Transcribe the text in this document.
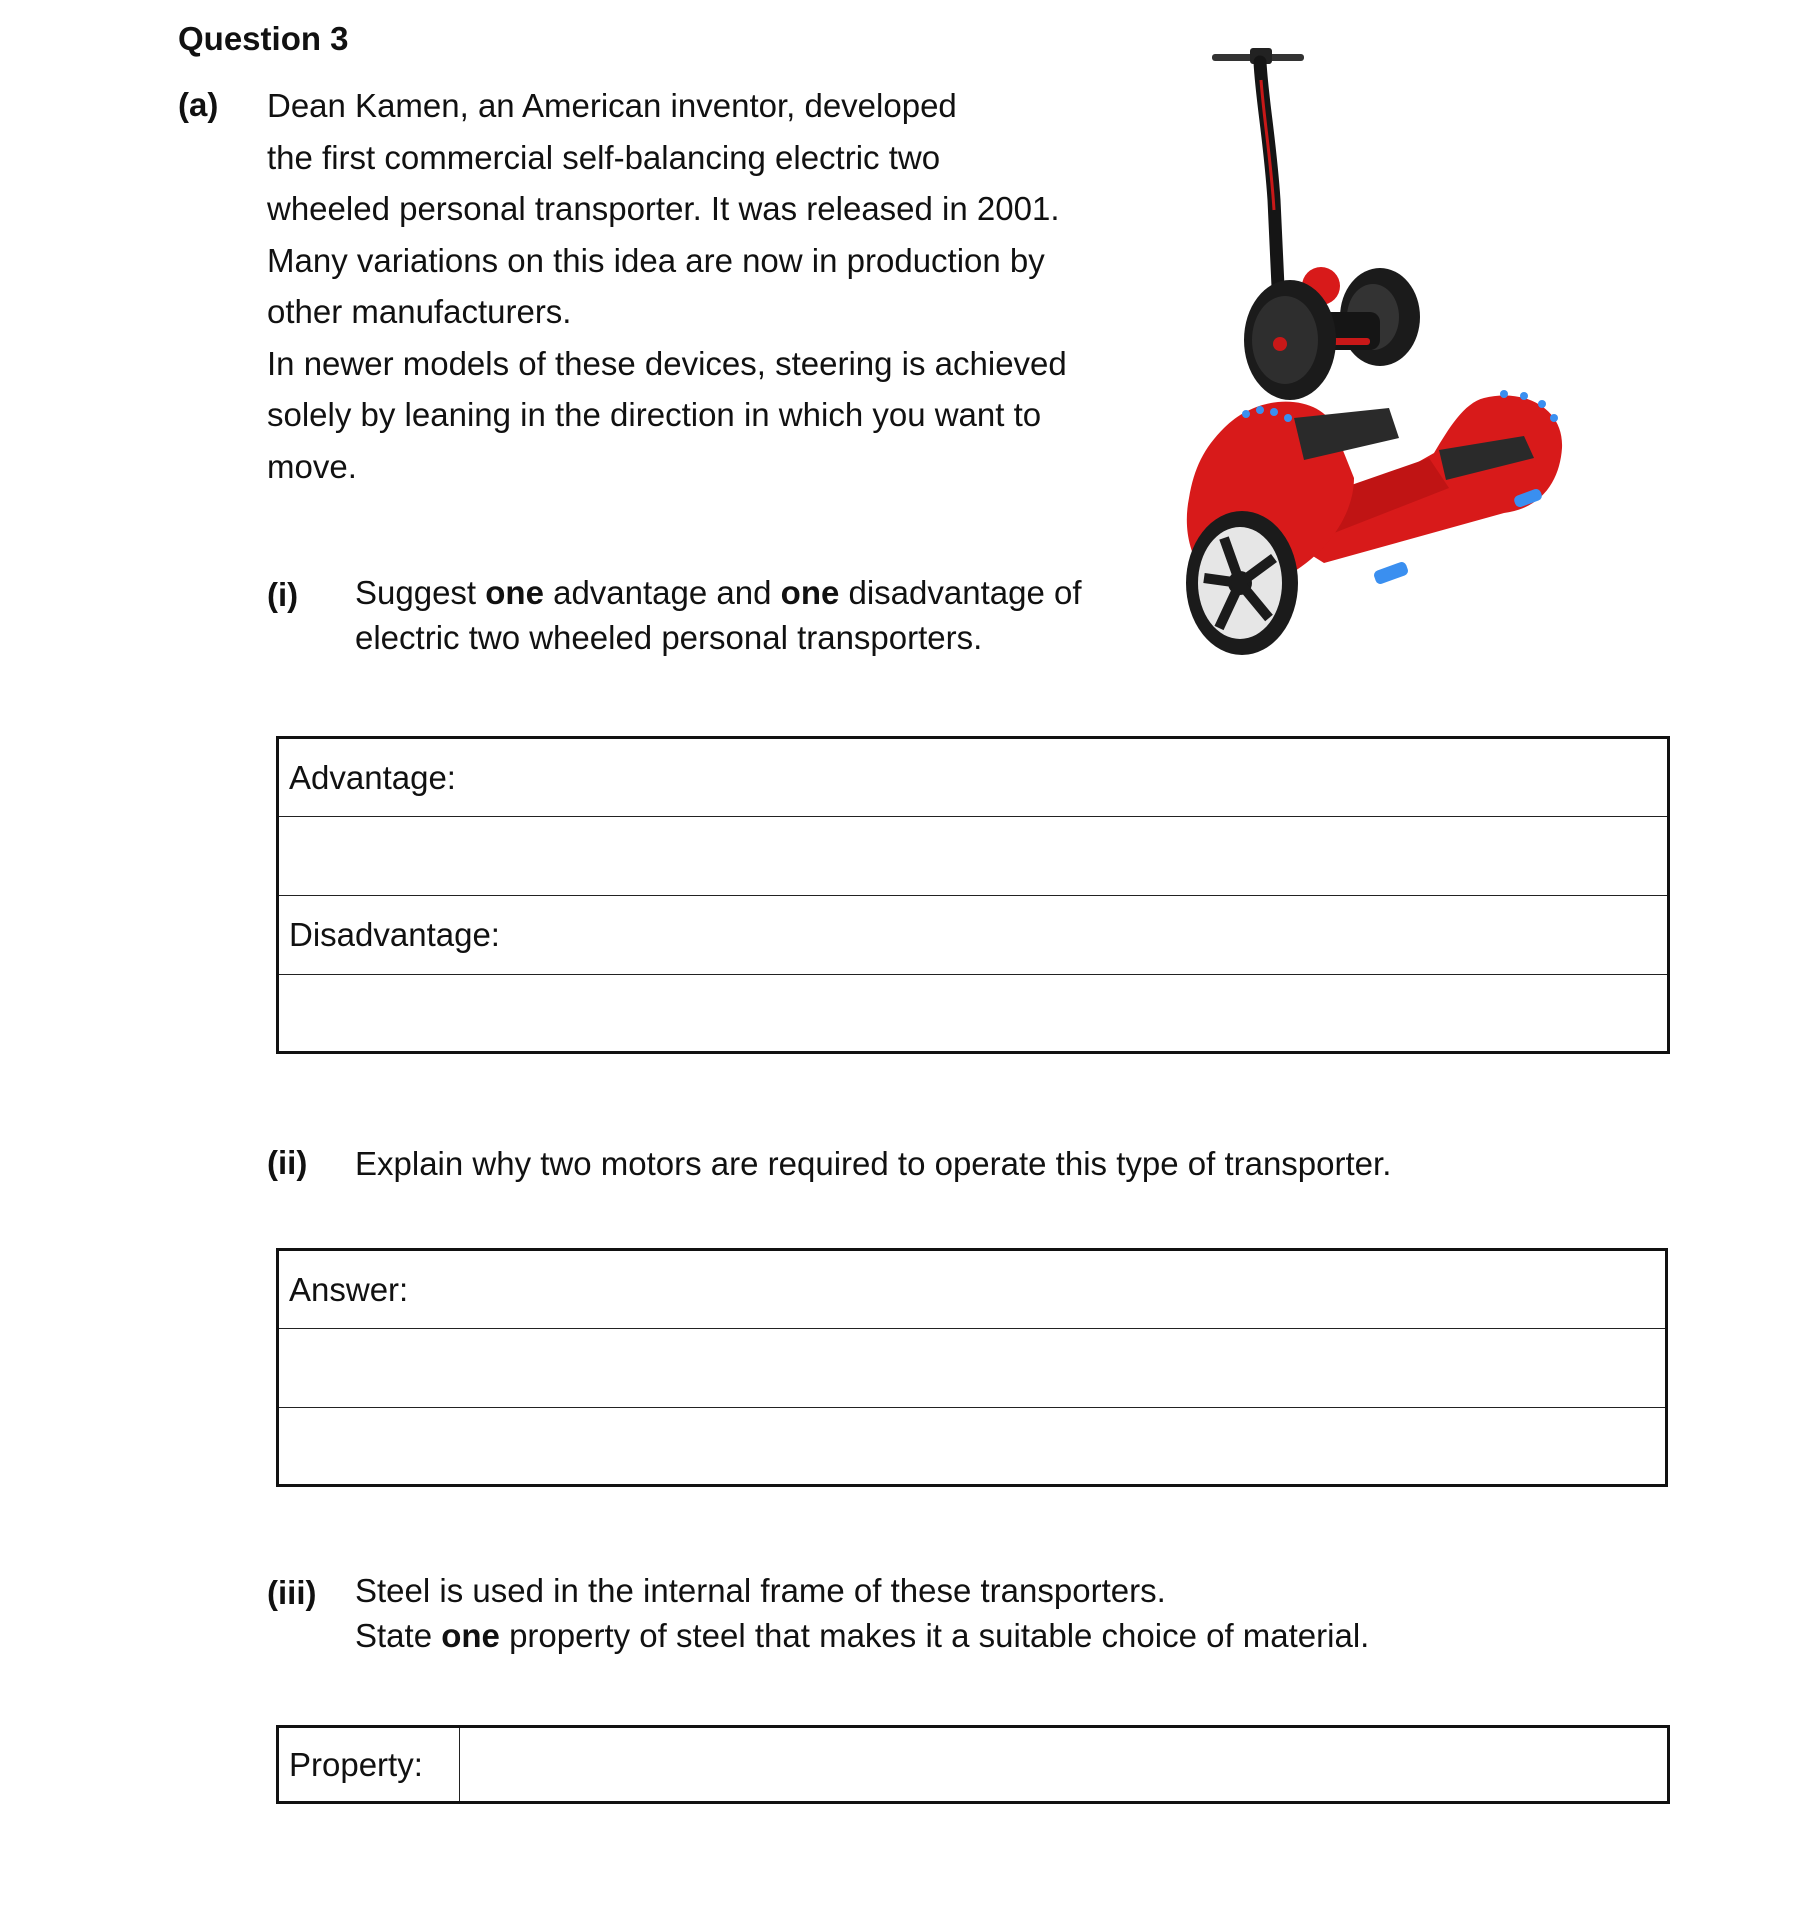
Question 3
(a) Dean Kamen, an American inventor, developed
the first commercial self-balancing electric two
wheeled personal transporter. It was released in 2001.
Many variations on this idea are now in production by
other manufacturers.
In newer models of these devices, steering is achieved
solely by leaning in the direction in which you want to
move.
(i) Suggest one advantage and one disadvantage of
electric two wheeled personal transporters.
Advantage:

Disadvantage:

(ii) Explain why two motors are required to operate this type of transporter.
Answer:

(iii) Steel is used in the internal frame of these transporters.
State one property of steel that makes it a suitable choice of material.
Property:	
